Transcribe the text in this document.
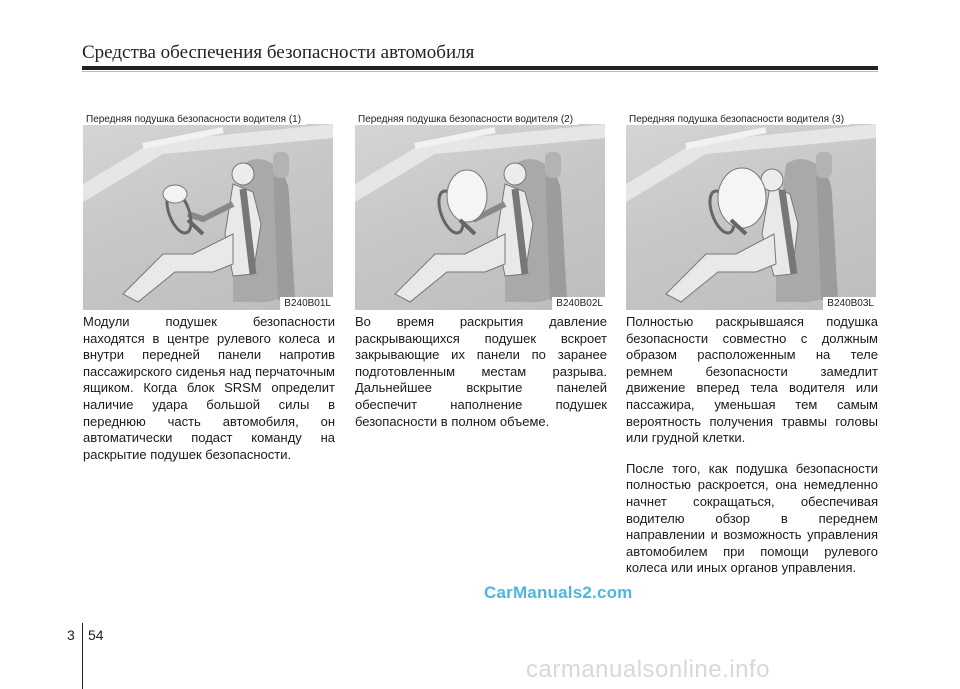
Средства обеспечения безопасности автомобиля
Передняя подушка безопасности водителя (1)
B240B01L
Передняя подушка безопасности водителя (2)
B240B02L
Передняя подушка безопасности водителя (3)
B240B03L

Модули подушек безопасности находятся в центре рулевого колеса и внутри передней панели напротив пассажирского сиденья над перчаточным ящиком. Когда блок SRSM определит наличие удара большой силы в переднюю часть автомобиля, он автоматически подаст команду на раскрытие подушек безопасности.

Во время раскрытия давление раскрывающихся подушек вскроет закрывающие их панели по заранее подготовленным местам разрыва. Дальнейшее вскрытие панелей обеспечит наполнение подушек безопасности в полном объеме.

Полностью раскрывшаяся подушка безопасности совместно с должным образом расположенным на теле ремнем безопасности замедлит движение вперед тела водителя или пассажира, уменьшая тем самым вероятность получения травмы головы или грудной клетки.

После того, как подушка безопасности полностью раскроется, она немедленно начнет сокращаться, обеспечивая водителю обзор в переднем направлении и возможность управления автомобилем при помощи рулевого колеса или иных органов управления.

CarManuals2.com
3 54
carmanualsonline.info
